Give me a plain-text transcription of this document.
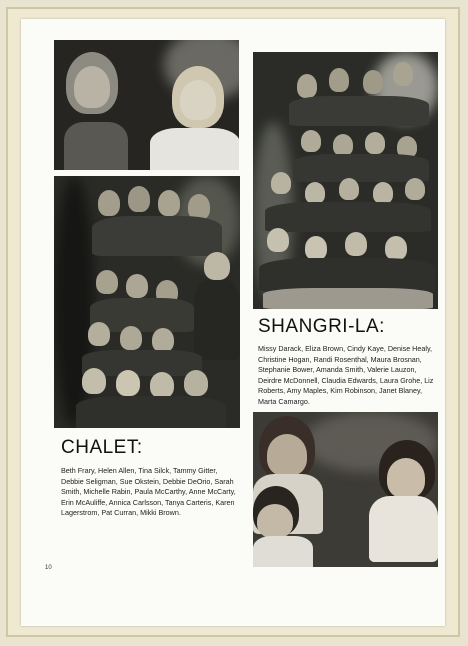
CHALET:

Beth Frary, Helen Allen, Tina Silck, Tammy Gitter, Debbie Seligman, Sue Okstein, Debbie DeOrio, Sarah Smith, Michelle Rabin, Paula McCarthy, Anne McCarty, Erin McAuliffe, Annica Carlsson, Tanya Carteris, Karen Lagerstrom, Pat Curran, Mikki Brown.

SHANGRI-LA:

Missy Darack, Eliza Brown, Cindy Kaye, Denise Healy, Christine Hogan, Randi Rosenthal, Maura Brosnan, Stephanie Bower, Amanda Smith, Valerie Lauzon, Deirdre McDonnell, Claudia Edwards, Laura Grohe, Liz Roberts, Amy Maples, Kim Robinson, Janet Blaney, Marta Camargo.

10
